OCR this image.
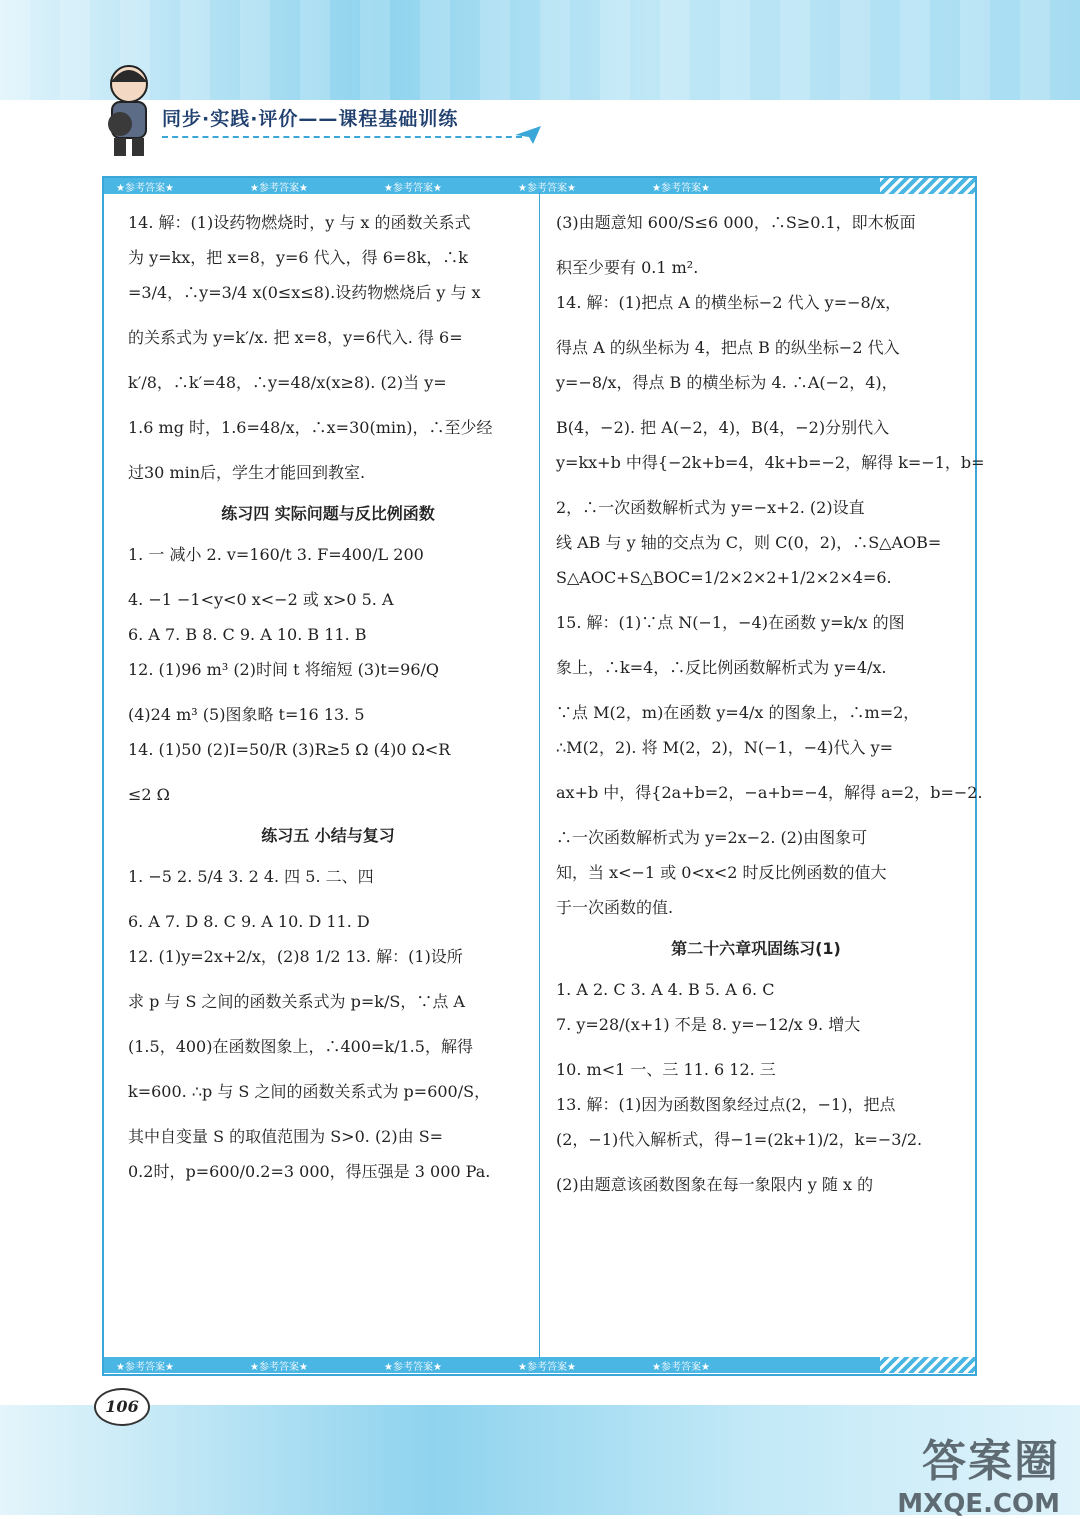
同步·实践·评价——课程基础训练
★参考答案★	★参考答案★	★参考答案★	★参考答案★	★参考答案★
★参考答案★	★参考答案★	★参考答案★	★参考答案★	★参考答案★

14. 解：(1)设药物燃烧时，y 与 x 的函数关系式

为 y=kx，把 x=8，y=6 代入，得 6=8k，∴k

=3/4，∴y=3/4 x(0≤x≤8).设药物燃烧后 y 与 x

的关系式为 y=k′/x. 把 x=8，y=6代入. 得 6=

k′/8，∴k′=48，∴y=48/x(x≥8). (2)当 y=

1.6 mg 时，1.6=48/x，∴x=30(min)，∴至少经

过30 min后，学生才能回到教室.

练习四 实际问题与反比例函数

1. 一 减小 2. v=160/t 3. F=400/L 200

4. −1 −1<y<0 x<−2 或 x>0 5. A

6. A 7. B 8. C 9. A 10. B 11. B

12. (1)96 m³ (2)时间 t 将缩短 (3)t=96/Q

(4)24 m³ (5)图象略 t=16 13. 5

14. (1)50 (2)I=50/R (3)R≥5 Ω (4)0 Ω<R

≤2 Ω

练习五 小结与复习

1. −5 2. 5/4 3. 2 4. 四 5. 二、四

6. A 7. D 8. C 9. A 10. D 11. D

12. (1)y=2x+2/x，(2)8 1/2 13. 解：(1)设所

求 p 与 S 之间的函数关系式为 p=k/S，∵点 A

(1.5，400)在函数图象上，∴400=k/1.5，解得

k=600. ∴p 与 S 之间的函数关系式为 p=600/S，

其中自变量 S 的取值范围为 S>0. (2)由 S=

0.2时，p=600/0.2=3 000，得压强是 3 000 Pa.

(3)由题意知 600/S≤6 000，∴S≥0.1，即木板面

积至少要有 0.1 m².

14. 解：(1)把点 A 的横坐标−2 代入 y=−8/x，

得点 A 的纵坐标为 4，把点 B 的纵坐标−2 代入

y=−8/x，得点 B 的横坐标为 4. ∴A(−2，4)，

B(4，−2). 把 A(−2，4)，B(4，−2)分别代入

y=kx+b 中得{−2k+b=4，4k+b=−2，解得 k=−1，b=

2，∴一次函数解析式为 y=−x+2. (2)设直

线 AB 与 y 轴的交点为 C，则 C(0，2)，∴S△AOB=

S△AOC+S△BOC=1/2×2×2+1/2×2×4=6.

15. 解：(1)∵点 N(−1，−4)在函数 y=k/x 的图

象上，∴k=4，∴反比例函数解析式为 y=4/x.

∵点 M(2，m)在函数 y=4/x 的图象上，∴m=2，

∴M(2，2). 将 M(2，2)，N(−1，−4)代入 y=

ax+b 中，得{2a+b=2，−a+b=−4，解得 a=2，b=−2.

∴一次函数解析式为 y=2x−2. (2)由图象可

知，当 x<−1 或 0<x<2 时反比例函数的值大

于一次函数的值.

第二十六章巩固练习(1)

1. A 2. C 3. A 4. B 5. A 6. C

7. y=28/(x+1) 不是 8. y=−12/x 9. 增大

10. m<1 一、三 11. 6 12. 三

13. 解：(1)因为函数图象经过点(2，−1)，把点

(2，−1)代入解析式，得−1=(2k+1)/2，k=−3/2.

(2)由题意该函数图象在每一象限内 y 随 x 的

106
答案圈
MXQE.COM
